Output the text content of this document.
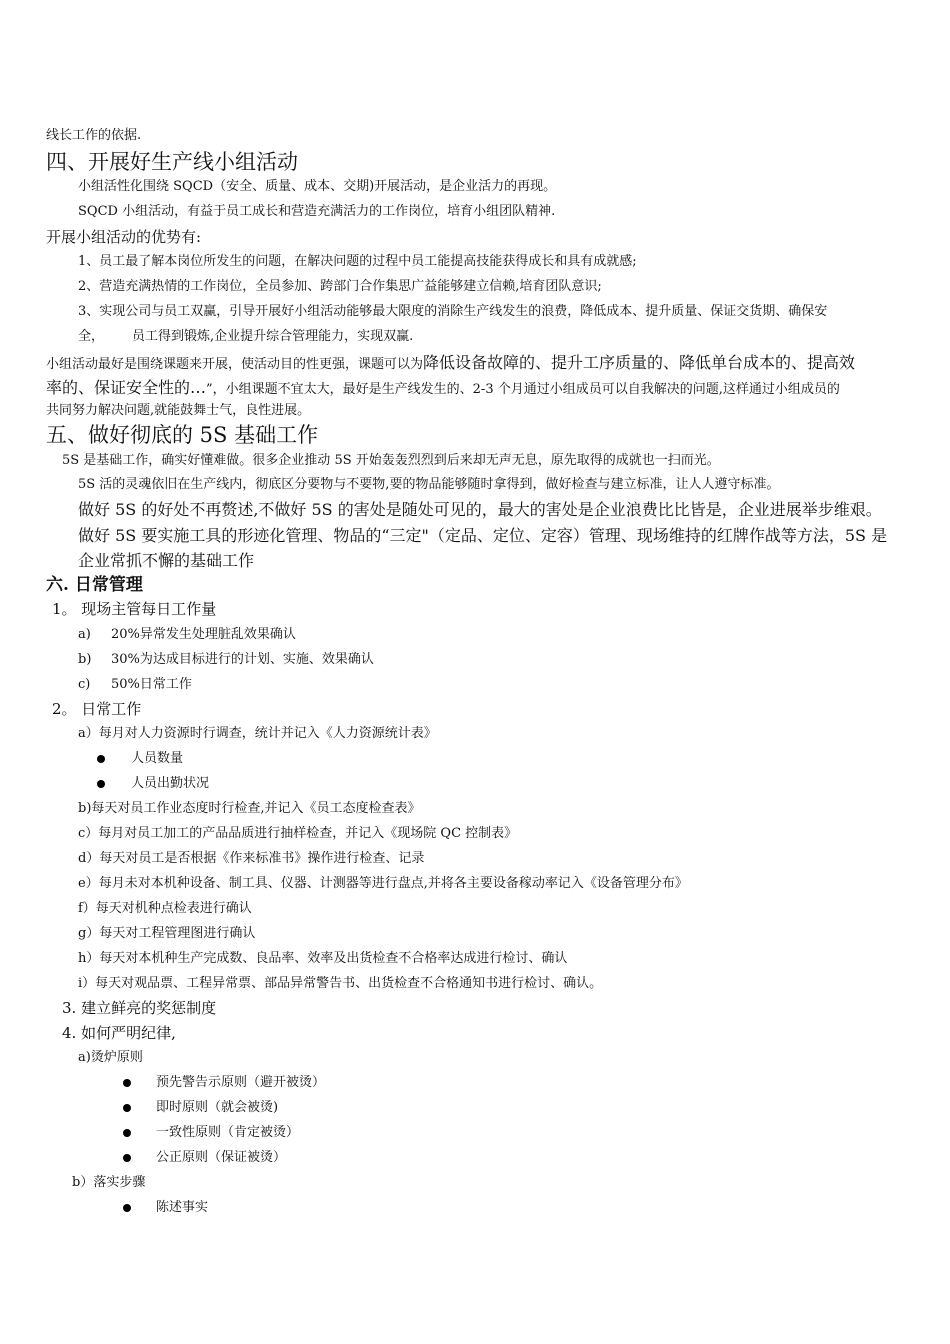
线长工作的依据.
四、开展好生产线小组活动
小组活性化围绕 SQCD（安全、质量、成本、交期)开展活动，是企业活力的再现。
SQCD 小组活动，有益于员工成长和营造充满活力的工作岗位，培育小组团队精神.
开展小组活动的优势有:
1、员工最了解本岗位所发生的问题，在解决问题的过程中员工能提高技能获得成长和具有成就感;
2、营造充满热情的工作岗位，全员参加、跨部门合作集思广益能够建立信赖,培育团队意识;
3、实现公司与员工双赢，引导开展好小组活动能够最大限度的消除生产线发生的浪费，降低成本、提升质量、保证交货期、确保安
全， 员工得到锻炼,企业提升综合管理能力，实现双赢.
小组活动最好是围绕课题来开展，使活动目的性更强，课题可以为降低设备故障的、提升工序质量的、降低单台成本的、提高效
率的、保证安全性的…”，小组课题不宜太大，最好是生产线发生的、2-3 个月通过小组成员可以自我解决的问题,这样通过小组成员的
共同努力解决问题,就能鼓舞士气，良性进展。
五、做好彻底的 5S 基础工作
5S 是基础工作，确实好懂难做。很多企业推动 5S 开始轰轰烈烈到后来却无声无息，原先取得的成就也一扫而光。
5S 活的灵魂依旧在生产线内，彻底区分要物与不要物,要的物品能够随时拿得到，做好检查与建立标准，让人人遵守标准。
做好 5S 的好处不再赘述,不做好 5S 的害处是随处可见的，最大的害处是企业浪费比比皆是，企业进展举步维艰。
做好 5S 要实施工具的形迹化管理、物品的“三定"（定品、定位、定容）管理、现场维持的红牌作战等方法，5S 是
企业常抓不懈的基础工作
六. 日常管理
1。 现场主管每日工作量
a) 20%异常发生处理脏乱效果确认
b) 30%为达成目标进行的计划、实施、效果确认
c) 50%日常工作
2。 日常工作
a）每月对人力资源时行调查，统计并记入《人力资源统计表》
人员数量
人员出勤状况
b)每天对员工作业态度时行检查,并记入《员工态度检查表》
c）每月对员工加工的产品品质进行抽样检查，并记入《现场院 QC 控制表》
d）每天对员工是否根据《作来标准书》操作进行检查、记录
e）每月未对本机种设备、制工具、仪器、计测器等进行盘点,并将各主要设备稼动率记入《设备管理分布》
f）每天对机种点检表进行确认
g）每天对工程管理图进行确认
h）每天对本机种生产完成数、良品率、效率及出货检查不合格率达成进行检讨、确认
i）每天对观品票、工程异常票、部品异常警告书、出货检查不合格通知书进行检讨、确认。
3. 建立鲜亮的奖惩制度
4. 如何严明纪律,
a)烫炉原则
预先警告示原则（避开被烫）
即时原则（就会被烫)
一致性原则（肯定被烫）
公正原则（保证被烫）
b）落实步骤
陈述事实
